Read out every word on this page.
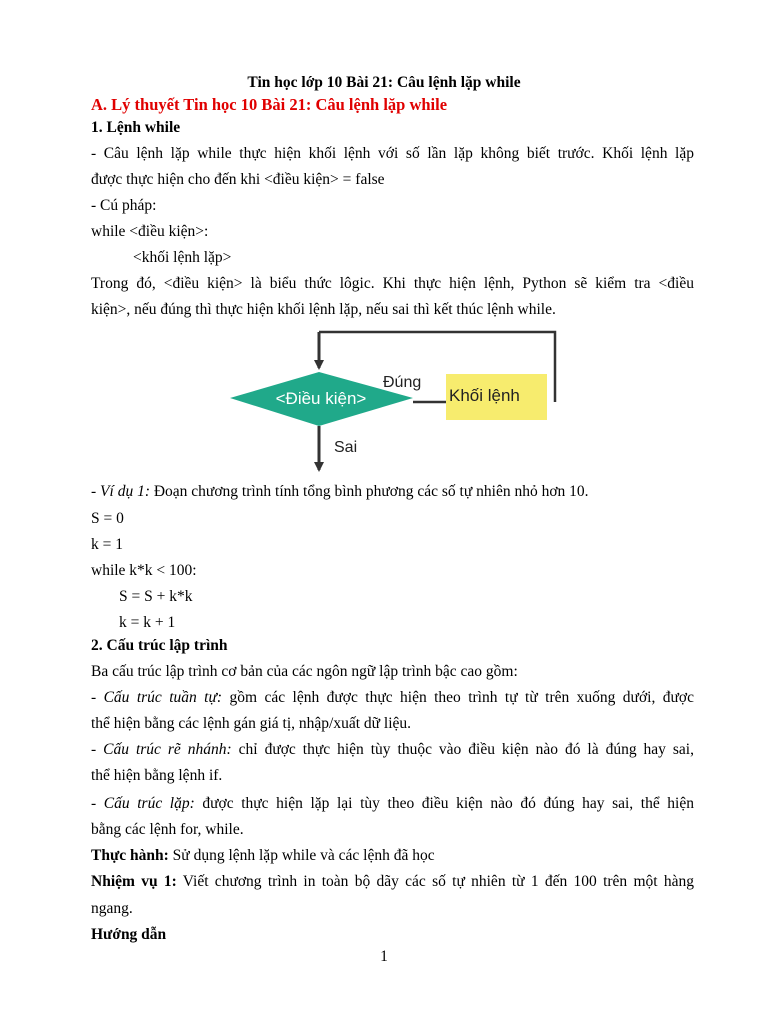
Tin học lớp 10 Bài 21: Câu lệnh lặp while
A. Lý thuyết Tin học 10 Bài 21: Câu lệnh lặp while
1. Lệnh while
- Câu lệnh lặp while thực hiện khối lệnh với số lần lặp không biết trước. Khối lệnh lặp
được thực hiện cho đến khi <điều kiện> = false
- Cú pháp:
while <điều kiện>:
<khối lệnh lặp>
Trong đó, <điều kiện> là biểu thức lôgic. Khi thực hiện lệnh, Python sẽ kiểm tra <điều
kiện>, nếu đúng thì thực hiện khối lệnh lặp, nếu sai thì kết thúc lệnh while.
<Điều kiện>
Đúng
Khối lệnh
Sai
- Ví dụ 1: Đoạn chương trình tính tổng bình phương các số tự nhiên nhỏ hơn 10.
S = 0
k = 1
while k*k < 100:
S = S + k*k
k = k + 1
2. Cấu trúc lập trình
Ba cấu trúc lập trình cơ bản của các ngôn ngữ lập trình bậc cao gồm:
- Cấu trúc tuần tự: gồm các lệnh được thực hiện theo trình tự từ trên xuống dưới, được
thể hiện bằng các lệnh gán giá tị, nhập/xuất dữ liệu.
- Cấu trúc rẽ nhánh: chỉ được thực hiện tùy thuộc vào điều kiện nào đó là đúng hay sai,
thể hiện bằng lệnh if.
- Cấu trúc lặp: được thực hiện lặp lại tùy theo điều kiện nào đó đúng hay sai, thể hiện
bằng các lệnh for, while.
Thực hành: Sử dụng lệnh lặp while và các lệnh đã học
Nhiệm vụ 1: Viết chương trình in toàn bộ dãy các số tự nhiên từ 1 đến 100 trên một hàng
ngang.
Hướng dẫn
1
